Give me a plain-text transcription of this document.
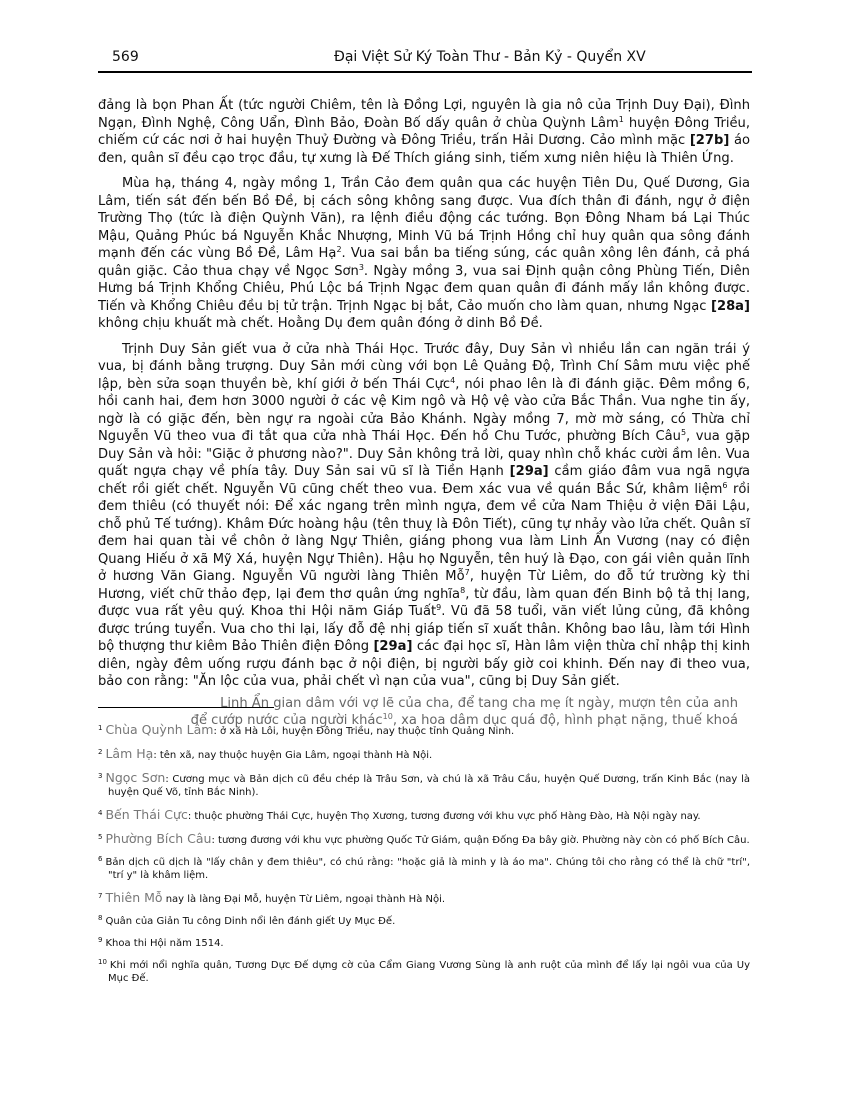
569	Đại Việt Sử Ký Toàn Thư - Bản Kỷ - Quyển XV

đảng là bọn Phan Ất (tức người Chiêm, tên là Đồng Lợi, nguyên là gia nô của Trịnh Duy Đại), Đình Ngạn, Đình Nghệ, Công Uẩn, Đình Bảo, Đoàn Bố dấy quân ở chùa Quỳnh Lâm$^1$ huyện Đông Triều, chiếm cứ các nơi ở hai huyện Thuỷ Đường và Đông Triều, trấn Hải Dương. Cảo mình mặc [27b] áo đen, quân sĩ đều cạo trọc đầu, tự xưng là Đế Thích giáng sinh, tiếm xưng niên hiệu là Thiên Ứng.

Mùa hạ, tháng 4, ngày mồng 1, Trần Cảo đem quân qua các huyện Tiên Du, Quế Dương, Gia Lâm, tiến sát đến bến Bồ Đề, bị cách sông không sang được. Vua đích thân đi đánh, ngự ở điện Trường Thọ (tức là điện Quỳnh Văn), ra lệnh điều động các tướng. Bọn Đông Nham bá Lại Thúc Mậu, Quảng Phúc bá Nguyễn Khắc Nhượng, Minh Vũ bá Trịnh Hồng chỉ huy quân qua sông đánh mạnh đến các vùng Bồ Đề, Lâm Hạ$^2$. Vua sai bắn ba tiếng súng, các quân xông lên đánh, cả phá quân giặc. Cảo thua chạy về Ngọc Sơn$^3$. Ngày mồng 3, vua sai Định quận công Phùng Tiến, Diên Hưng bá Trịnh Khổng Chiêu, Phú Lộc bá Trịnh Ngạc đem quan quân đi đánh mấy lần không được. Tiến và Khổng Chiêu đều bị tử trận. Trịnh Ngạc bị bắt, Cảo muốn cho làm quan, nhưng Ngạc [28a] không chịu khuất mà chết. Hoằng Dụ đem quân đóng ở dinh Bồ Đề.

Trịnh Duy Sản giết vua ở cửa nhà Thái Học. Trước đây, Duy Sản vì nhiều lần can ngăn trái ý vua, bị đánh bằng trượng. Duy Sản mới cùng với bọn Lê Quảng Độ, Trình Chí Sâm mưu việc phế lập, bèn sửa soạn thuyền bè, khí giới ở bến Thái Cực$^4$, nói phao lên là đi đánh giặc. Đêm mồng 6, hồi canh hai, đem hơn 3000 người ở các vệ Kim ngô và Hộ vệ vào cửa Bắc Thần. Vua nghe tin ấy, ngờ là có giặc đến, bèn ngự ra ngoài cửa Bảo Khánh. Ngày mồng 7, mờ mờ sáng, có Thừa chỉ Nguyễn Vũ theo vua đi tắt qua cửa nhà Thái Học. Đến hồ Chu Tước, phường Bích Câu$^5$, vua gặp Duy Sản và hỏi: "Giặc ở phương nào?". Duy Sản không trả lời, quay nhìn chỗ khác cười ầm lên. Vua quất ngựa chạy về phía tây. Duy Sản sai vũ sĩ là Tiền Hạnh [29a] cầm giáo đâm vua ngã ngựa chết rồi giết chết. Nguyễn Vũ cũng chết theo vua. Đem xác vua về quán Bắc Sứ, khâm liệm$^6$ rồi đem thiêu (có thuyết nói: Để xác ngang trên mình ngựa, đem về cửa Nam Thiệu ở viện Đãi Lậu, chỗ phủ Tế tướng). Khâm Đức hoàng hậu (tên thuỵ là Đôn Tiết), cũng tự nhảy vào lửa chết. Quân sĩ đem hai quan tài về chôn ở làng Ngự Thiên, giáng phong vua làm Linh Ẩn Vương (nay có điện Quang Hiếu ở xã Mỹ Xá, huyện Ngự Thiên). Hậu họ Nguyễn, tên huý là Đạo, con gái viên quản lĩnh ở hương Văn Giang. Nguyễn Vũ người làng Thiên Mỗ$^7$, huyện Từ Liêm, do đỗ tứ trường kỳ thi Hương, viết chữ thảo đẹp, lại đem thơ quân ứng nghĩa$^8$, từ đầu, làm quan đến Binh bộ tả thị lang, được vua rất yêu quý. Khoa thi Hội năm Giáp Tuất$^9$. Vũ đã 58 tuổi, văn viết lủng củng, đã không được trúng tuyển. Vua cho thi lại, lấy đỗ đệ nhị giáp tiến sĩ xuất thân. Không bao lâu, làm tới Hình bộ thượng thư kiêm Bảo Thiên điện Đông [29a] các đại học sĩ, Hàn lâm viện thừa chỉ nhập thị kinh diên, ngày đêm uống rượu đánh bạc ở nội điện, bị người bấy giờ coi khinh. Đến nay đi theo vua, bảo con rằng: "Ăn lộc của vua, phải chết vì nạn của vua", cũng bị Duy Sản giết.

Linh Ẩn gian dâm với vợ lẽ của cha, để tang cha mẹ ít ngày, mượn tên của anh
để cướp nước của người khác$^{10}$, xa hoa dâm dục quá độ, hình phạt nặng, thuế khoá
$^1$ Chùa Quỳnh Lâm: ở xã Hà Lôi, huyện Đông Triều, nay thuộc tỉnh Quảng Ninh.
$^2$ Lâm Hạ: tên xã, nay thuộc huyện Gia Lâm, ngoại thành Hà Nội.
$^3$ Ngọc Sơn: Cương mục và Bản dịch cũ đều chép là Trâu Sơn, và chú là xã Trâu Cầu, huyện Quế Dương, trấn Kinh Bắc (nay là huyện Quế Võ, tỉnh Bắc Ninh).
$^4$ Bến Thái Cực: thuộc phường Thái Cực, huyện Thọ Xương, tương đương với khu vực phố Hàng Đào, Hà Nội ngày nay.
$^5$ Phường Bích Câu: tương đương với khu vực phường Quốc Tử Giám, quận Đống Đa bây giờ. Phường này còn có phố Bích Câu.
$^6$ Bản dịch cũ dịch là "lấy chân y đem thiêu", có chú rằng: "hoặc giả là minh y là áo ma". Chúng tôi cho rằng có thể là chữ "trí", "trí y" là khâm liệm.
$^7$ Thiên Mỗ nay là làng Đại Mỗ, huyện Từ Liêm, ngoại thành Hà Nội.
$^8$ Quân của Giản Tu công Dinh nổi lên đánh giết Uy Mục Đế.
$^9$ Khoa thi Hội năm 1514.
$^{10}$ Khi mới nổi nghĩa quân, Tương Dực Đế dựng cờ của Cẩm Giang Vương Sùng là anh ruột của mình để lấy lại ngôi vua của Uy Mục Đế.
